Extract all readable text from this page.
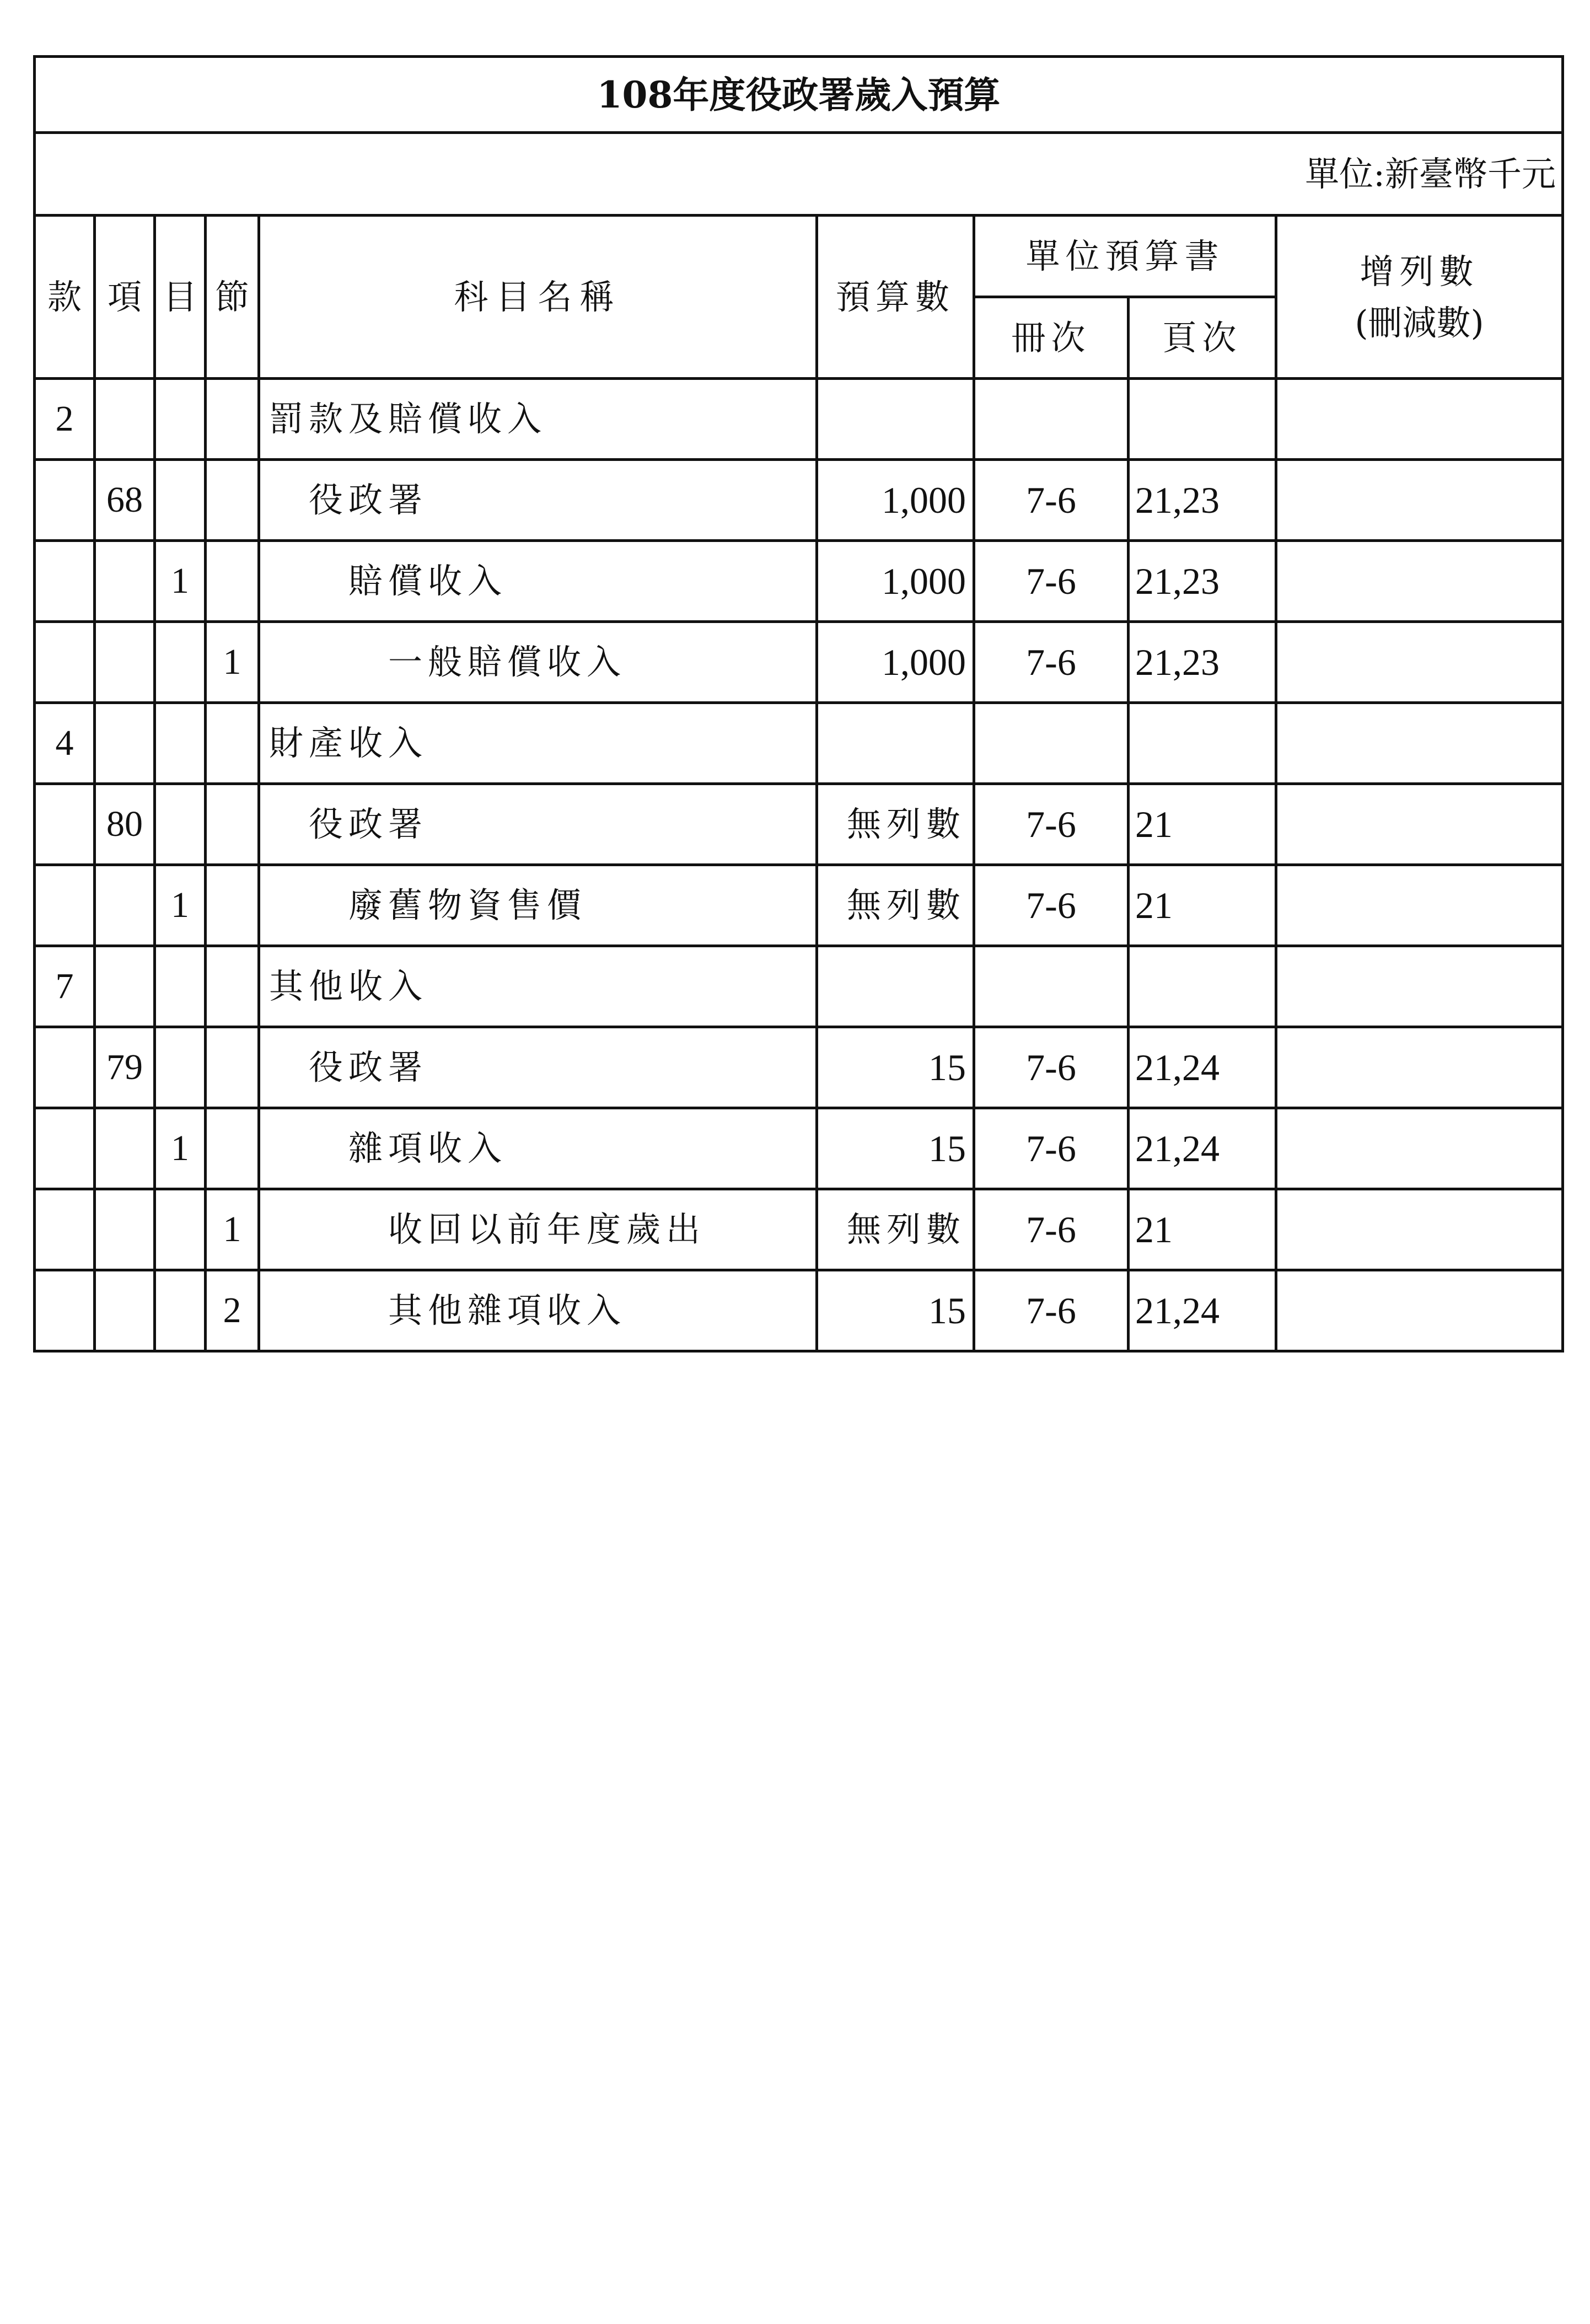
108年度役政署歲入預算								
單位:新臺幣千元								
款	項	目	節	科目名稱	預算數	單位預算書		增列數
(刪減數)

						冊次	頁次	
2				罰款及賠償收入				
	68			役政署	1,000	7-6	21,23	
		1		賠償收入	1,000	7-6	21,23	
			1	一般賠償收入	1,000	7-6	21,23	
4				財產收入				
	80			役政署	無列數	7-6	21	
		1		廢舊物資售價	無列數	7-6	21	
7				其他收入				
	79			役政署	15	7-6	21,24	
		1		雜項收入	15	7-6	21,24	
			1	收回以前年度歲出	無列數	7-6	21	
			2	其他雜項收入	15	7-6	21,24	
